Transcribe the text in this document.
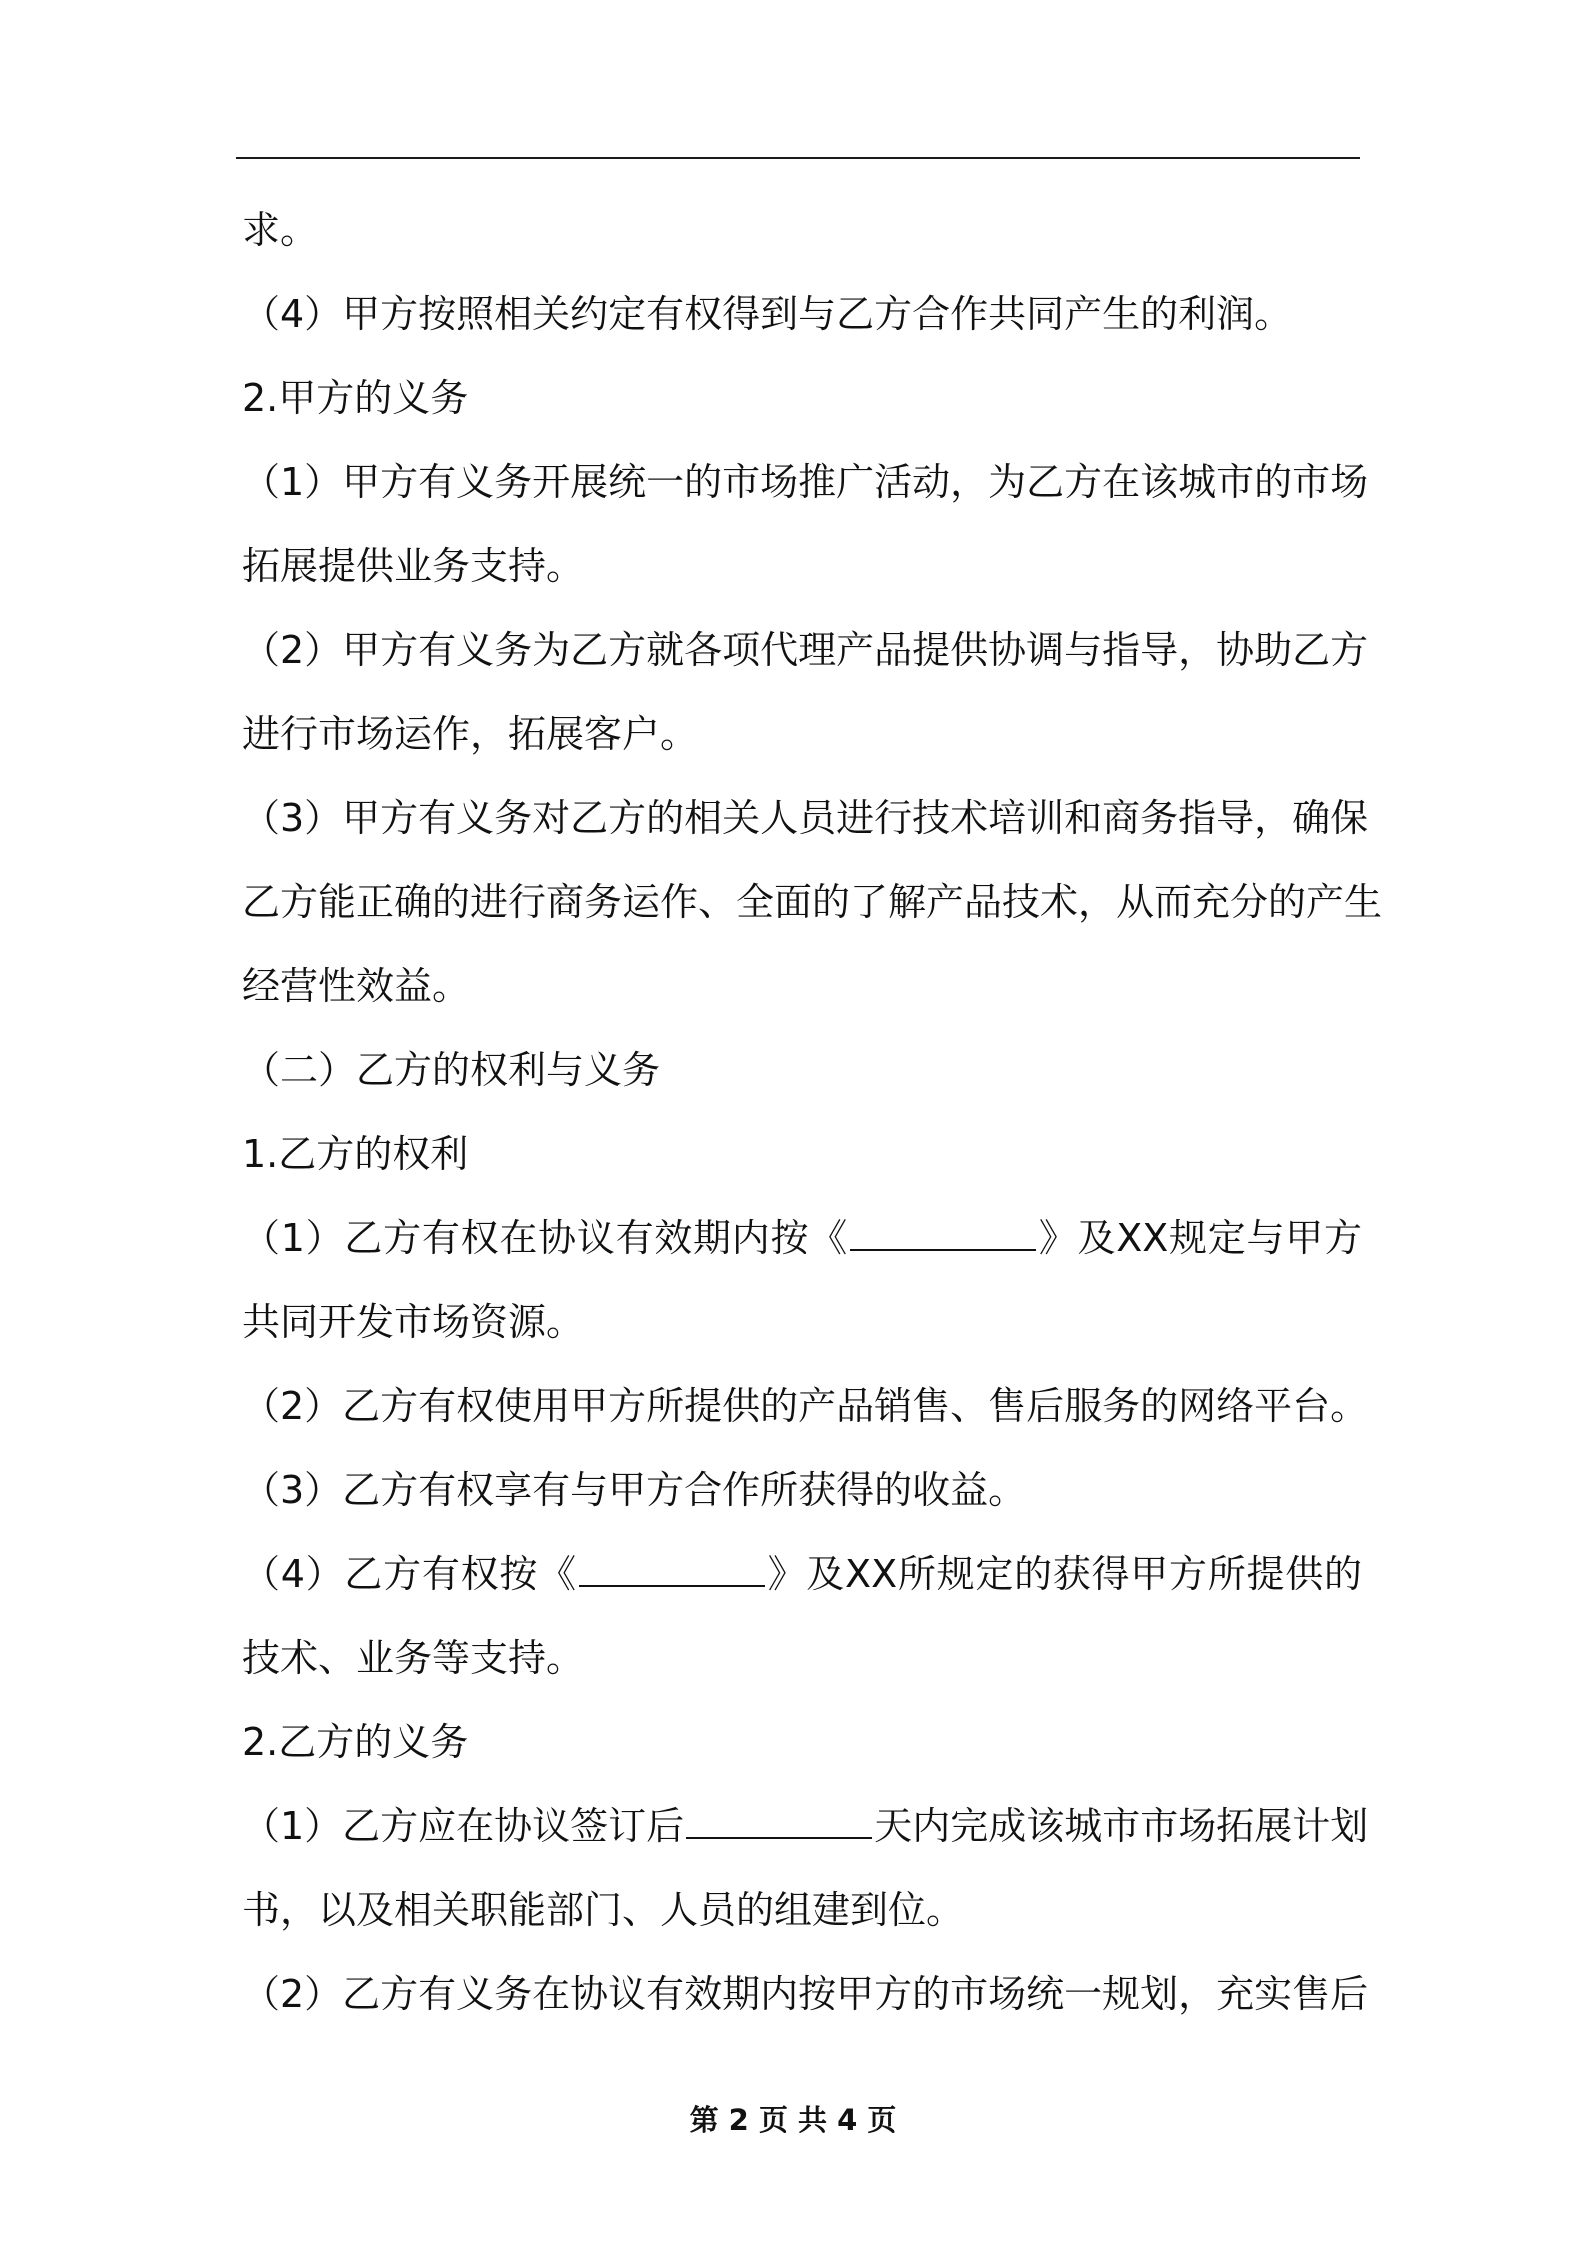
求。

（4）甲方按照相关约定有权得到与乙方合作共同产生的利润。

2.甲方的义务

（1）甲方有义务开展统一的市场推广活动，为乙方在该城市的市场

拓展提供业务支持。

（2）甲方有义务为乙方就各项代理产品提供协调与指导，协助乙方

进行市场运作，拓展客户。

（3）甲方有义务对乙方的相关人员进行技术培训和商务指导，确保

乙方能正确的进行商务运作、全面的了解产品技术，从而充分的产生

经营性效益。

（二）乙方的权利与义务

1.乙方的权利

（1）乙方有权在协议有效期内按《	》及XX规定与甲方

共同开发市场资源。

（2）乙方有权使用甲方所提供的产品销售、售后服务的网络平台。

（3）乙方有权享有与甲方合作所获得的收益。

（4）乙方有权按《	》及XX所规定的获得甲方所提供的

技术、业务等支持。

2.乙方的义务

（1）乙方应在协议签订后	天内完成该城市市场拓展计划

书，以及相关职能部门、人员的组建到位。

（2）乙方有义务在协议有效期内按甲方的市场统一规划，充实售后

第 2 页 共 4 页
